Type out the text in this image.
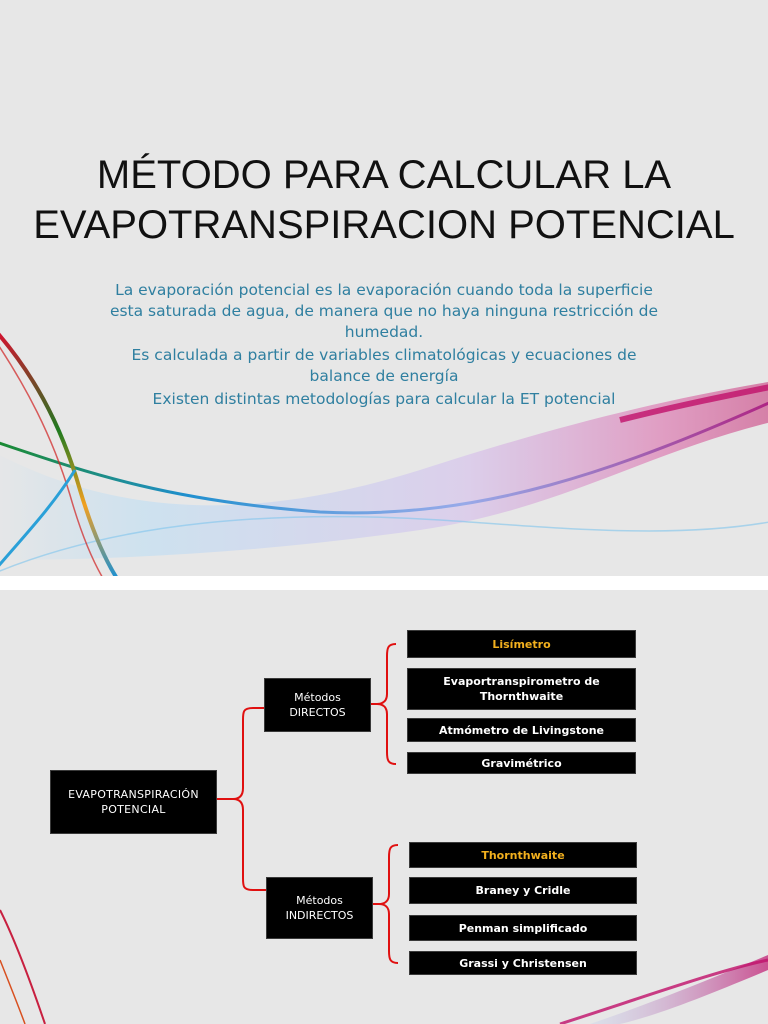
MÉTODO PARA CALCULAR LA
EVAPOTRANSPIRACION POTENCIAL

La evaporación potencial es la evaporación cuando toda la superficie esta saturada de agua, de manera que no haya ninguna restricción de humedad.

Es calculada a partir de variables climatológicas y ecuaciones de balance de energía

Existen distintas metodologías para calcular la ET potencial

EVAPOTRANSPIRACIÓN POTENCIAL
Métodos DIRECTOS
Métodos INDIRECTOS
Lisímetro
Evaportranspirometro de Thornthwaite
Atmómetro de Livingstone
Gravimétrico
Thornthwaite
Braney y Cridle
Penman simplificado
Grassi y Christensen
